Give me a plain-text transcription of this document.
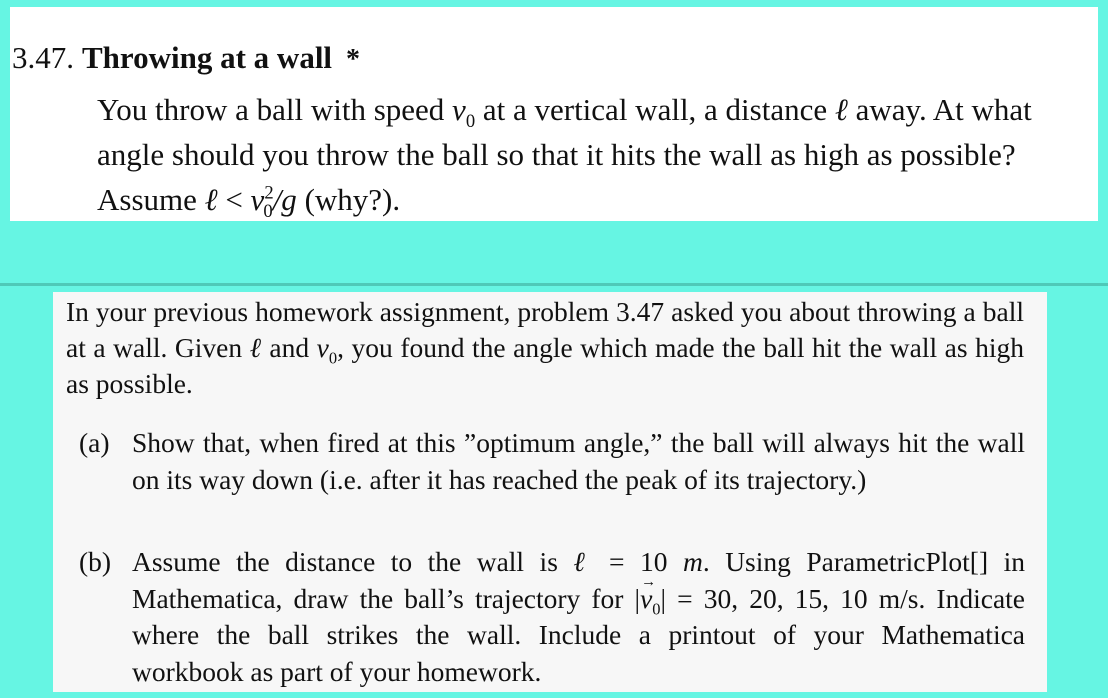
3.47. Throwing at a wall *
You throw a ball with speed $v_0$ at a vertical wall, a distance ℓ away. At what angle should you throw the ball so that it hits the wall as high as possible? Assume ℓ < $v^2_0/g$ (why?).
In your previous homework assignment, problem 3.47 asked you about throwing a ball at a wall. Given ℓ and $v_0$, you found the angle which made the ball hit the wall as high as possible.
(a) Show that, when fired at this ”optimum angle,” the ball will always hit the wall on its way down (i.e. after it has reached the peak of its trajectory.)
(b) Assume the distance to the wall is ℓ = 10 m. Using ParametricPlot[] in Mathematica, draw the ball’s trajectory for |→ $v_0| = 30$, 20, 15, 10 m/s. Indicate where the ball strikes the wall. Include a printout of your Mathematica workbook as part of your homework.
